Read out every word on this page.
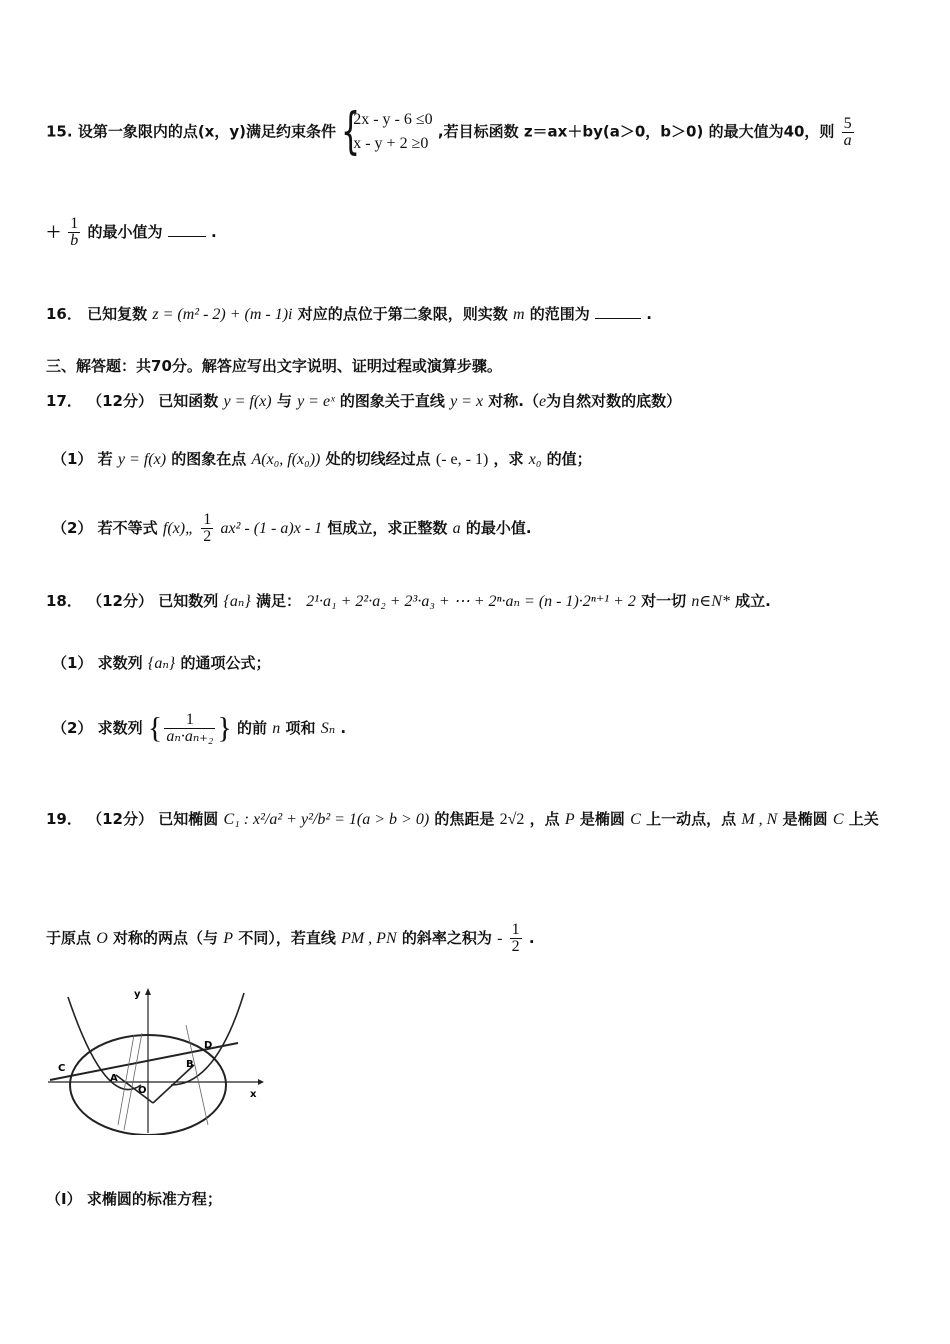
15. 设第一象限内的点(x，y)满足约束条件 {
2x - y - 6 ≤0
x - y + 2 ≥0
,若目标函数 z＝ax＋by(a＞0，b＞0) 的最大值为40，则 $\frac{5}{a}$
＋ $\frac{1}{b}$ 的最小值为	.
16． 已知复数 z = (m² - 2) + (m - 1)i 对应的点位于第二象限，则实数 m 的范围为	.
三、解答题：共70分。解答应写出文字说明、证明过程或演算步骤。
17． （12分） 已知函数 y = f(x) 与 y = eˣ 的图象关于直线 y = x 对称.（e为自然对数的底数）
（1） 若 y = f(x) 的图象在点 A(x₀, f(x₀)) 处的切线经过点 (- e, - 1) ，求 x₀ 的值；
（2） 若不等式 f(x)„ $\frac{1}{2} ax^2 - (1 - a)x - 1$ 恒成立，求正整数 a 的最小值.
18． （12分） 已知数列 {aₙ} 满足： 2¹·a₁ + 2²·a₂ + 2³·a₃ + ⋯ + 2ⁿ·aₙ = (n - 1)·2ⁿ⁺¹ + 2 对一切 n∈N* 成立.
（1） 求数列 {aₙ} 的通项公式；
（2） 求数列 { $\frac{1}{\text{aₙ·aₙ₊₂}}$ } 的前 n 项和 Sₙ .
19． （12分） 已知椭圆 C₁ : x²/a² + y²/b² = 1(a > b > 0) 的焦距是 2√2 ，点 P 是椭圆 C 上一动点，点 M , N 是椭圆 C 上关
于原点 O 对称的两点（与 P 不同），若直线 PM , PN 的斜率之积为 - $\frac{1}{2}$ .
y
x
C
D
A
B
O
（Ⅰ） 求椭圆的标准方程；
